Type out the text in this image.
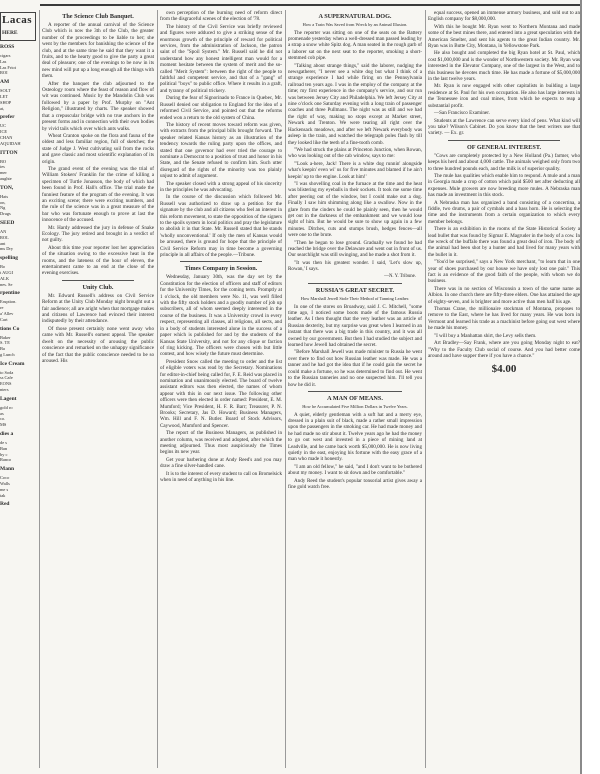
Lacas
HERE
ROSS
cigars
Las
Las Friot
ROI
AM
SOLT
LET
SHOP
at,
prefer
UC
ICE
CHAN
AQUIDAH
ITTON
BO
ies
mer
aughte
TON,
Hats
on,
Ng
Drugs
SEED
AN
ROL
ant
ms Dry
spelling
Bo
t AUGI
ALK
nes. Se
rpentine
Eruption.
re
a' Allev
Cart
tions Co
Baker
S. TE
Ba
g Lunch
Ice Cream
to Soda
ss Cafe
EONS
nters
Lagent
gold ro
as
co.
MS
dies a
de s
Ban
by c
Ranco
Mann
Coco
Walls
me s
tak
Red
The Science Club Banquet.

A reporter of the annual carnival of the Science Club which is now the 3th of the Club, the greater number of the proceedings to be liable to her; she went by the members for banishing the science of the club, and at the same time he said that they want it a fruits, and to the hearty good to give the party a great deal of pleasure; one of the evenings to be now in its new mind will put up a long enough all the things with them.

After the banquet the club adjourned to the Osteology room where the feast of reason and flow of wit was continued. Music by the Mandolin Club was followed by a paper by Prof. Murphy on "Ant Religion," illustrated by charts. The speaker showed that a crepuscular bridge with no true anchors in the present forms and in connection with their own bodies by vivid tails which over which ants walks.

Wheat Cranton spoke on the flora and fauna of the oldest and less familiar region, full of sketches; the state of Judge J. West cultivating soil from the rocks and gave classic and most scientific explanation of its origin.

The grand event of the evening was the trial of William Stokers' Franklin for the crime of killing a specimen of Turtle Jonasson, the body of which had been found in Prof. Hall's office. The trial made the funniest feature of the program of the evening. It was an exciting scene; there were exciting numbers, and the rule of the science was in a great measure of the bar who was fortunate enough to prove at last the innocence of the accused.

Mr. Hardy addressed the jury in defense of Snake Ecology. The jury retired and brought in a verdict of not guilty.

About this time your reporter lost her appreciation of the situation owing to the excessive heat in the rooms, and the lateness of the hour of eleven, the entertainment came to an end at the close of the evening exercises.

Unity Club.

Mr. Edward Russell's address on Civil Service Reform at the Unity Club Monday night brought out a fair audience; all are aright when that mortgage makes and citizens of Lawrence had evinced their interest indisputedly by their attendance.

Of those present certainly none went away who came with Mr. Russell's earnest appeal. The speaker dwelt on the necessity of arousing the public conscience and remarked on the unhappy significance of the fact that the public conscience needed to be so aroused. His

own perception of the burning need of reform direct from the disgraceful scenes of the election of '78.

The history of the Civil Service was briefly reviewed and figures were adduced to give a striking sense of the enormous growth of the principle of reward for political services, from the administration of Jackson, the patron saint of the "Spoil System." Mr. Russell said he did not understand how any honest intelligent man would for a moment hesitate between the system of merit and the so-called "Merit System": between the right of the people to faithful and competent service, and that of a "gang" of political "boys" to public office. Where it results in a graft, and tyranny of political trickery.

During the fear of Signorinado to France in Quebec, Mr. Russell denied our obligation to England for the idea of a reformed Civil Service, and pointed out that the reforms ended won a return to the old system of China.

The history of recent moves toward reform was given, with extracts from the principal bills brought forward. The speaker related Kansas history as an illustration of the tendency towards the ruling party upon the offices, and stated that one governor had ever tried the courage to nominate a Democrat to a position of trust and honor in his State, and the Senate refused to confirm him. Such utter disregard of the rights of the minority was too plainly unjust to admit of argument.

The speaker closed with a strong appeal of his sincerity in the principles he was advocating.

In the course of the discussion which followed Mr. Russell was authorized to draw up a petition for the signature by the club and all citizens who feel an interest in this reform movement, to state the opposition of the signers to the spoils system in local politics and pray the legislature to abolish it in that State. Mr. Russell stated that he stands 'wholly unconventional.' If only the men of Kansas would be aroused, there is ground for hope that the principle of Civil Service Reform may in time become a governing principle in all affairs of the people.—Tribune.

Times Company in Session.

Wednesday, January 30th, was the day set by the Constitution for the election of officers and staff of editors for the University Times, for the coming term. Promptly at 1 o'clock, the old members were No. 11, was well filled with the fifty stock holders and a goodly number of job up subscribers, all of whom seemed deeply interested in the course of the business. It was a University crowd in every respect, representing all classes, all religions, all sects, and in a body of students interested alone in the success of a paper which is published for and by the students of the Kansas State University, and not for any clique or faction of ring kicking. The officers were chosen with but little contest, and how wisely the future must determine.

President Snow called the meeting to order and the list of eligible voters was read by the Secretary. Nominations for editor-in-chief being called for, F. E. Reid was placed in nomination and unanimously elected. The board of twelve assistant editors was then elected, the names of whom appear with this in our next issue. The following other officers were then elected in order named: President, E. M. Mumford; Vice President, H. F. R. Barr; Treasurer, P. N. Brooks; Secretary, Jas D. Howard; Business Managers, Wm. Hill and F. N. Butler. Board of Stock Advisors, Caywood, Mumford and Spencer.

The report of the Business Managers, as published in another column, was received and adopted, after which the meeting adjourned. Thus most auspiciously the Times begins its new year.

Get your barbering done at Andy Reed's and you may draw a fine silver-handled cane.

It is to the interest of every student to call on Bromelsick when in need of anything in his line.

A SUPERNATURAL DOG.
How a Train Was Saved from Wreck by an Animal Illusion.

The reporter was sitting on one of the seats on the Battery promenade yesterday when a well-dressed man passed leading by a strap a snow white Spitz dog. A man seated in the rough garb of a laborer sat on the next seat to the reporter, smoking a short-stemmed cob pipe.

"Talking about strange things," said the laborer, nudging the newsgatherer, "I never see a white dog but what I think of a strange experience I had while firing on the Pennsylvania railroad ten years ago. I was in the employ of the company at the time; my first experience in the company's service, and our run was between Jersey City and Philadelphia. We left Jersey City at nine o'clock one Saturday evening with a long train of passenger coaches and three Pullmans. The night was as still and we had the right of way, making no stops except at Market street, Newark and Trenton. We were tearing all right over the Hackensack meadows, and after we left Newark everybody was asleep in the train, and watched the telegraph poles flash by till they looked like the teeth of a fine-tooth comb.

"We had struck the plains at Princeton Junction, when Rowan, who was looking out of the cab window, says to me:

"'Look a-here, Jack! There is a white dog runnin' alongside what's keepin' even wi' us for five minutes and blamed if he ain't keepin' up to the engine. Look at him!'

"I was shovelling coal in the furnace at the time and the heat was blistering my eyeballs in their sockets. It took me some time after peering out of the window, but I could make out a dog. Finally I saw him shimming along like a swallow. Now in the glare from the cinders he could be plainly seen, then he would get out in the darkness of the embankment and we would lose sight of him. But he would be sure to show up again in a few minutes. Ditches, cuts and stumps brush, hedges fences—all were one to the brute.

"Then he began to lose ground. Gradually we found he had reached the bridge over the Delaware and went out in front of us. Our searchlight was still swinging, and he made a shot from it.

"It was then his greatest wonder. I said, 'Let's slow up, Rowan,' I says.

—N. Y. Tribune.
RUSSIA'S GREAT SECRET.
How Marshall Jewell Stole Their Method of Tanning Leather.

In one of the stores on Broadway, said J. C. Mitchell, "some time ago, I noticed some boots made of the famous Russia leather. As I then thought that the very leather was an article of Russian dexterity, but my surprise was great when I learned in an instant that there was a big trade in this country, and it was all owned by our government. But then I had studied the subject and learned how Jewell had obtained the secret.

"Before Marshall Jewell was made minister to Russia he went over there to find out how Russian leather was made. He was a tanner and he had got the idea that if he could gain the secret he could make a fortune, so he was determined to find out. He went to the Russian tanneries and no one suspected him. I'll tell you how he did it.

A MAN OF MEANS.
How he Accumulated Five Million Dollars in Twelve Years.

A quiet, elderly gentleman with a soft hat and a merry eye, dressed in a plain suit of black, made a rather small impression upon the passengers in the smoking car. He had made money and he had made no stir about it. Twelve years ago he had the money to go out west and invested in a piece of mining land at Leadville, and he came back worth $5,000,000. He is now living quietly in the east, enjoying his fortune with the easy grace of a man who made it honestly.

"I am an old fellow," he said, "and I don't want to be bothered about my money. I want to sit down and be comfortable."

Andy Reed the student's popular tonsorial artist gives away a fine gold watch free.

equal success, opened an immense armory business, and sold out to an English company for $8,000,000.

With this he bought Mr. Ryan went to Northern Montana and made some of the best mines there, and entered into a great speculation with the American Smelter, and sent his agents to the great Indian country. Mr. Ryan was in Butte City, Montana, in Yellowstone Park.

He also bought and completed the big Ryan hotel at St. Paul, which cost $1,000,000 and is the wonder of Northwestern society. Mr. Ryan was interested in the Elevator Company, one of the largest in the West, and to this business he devotes much time. He has made a fortune of $5,000,000 in the last twelve years.

Mr. Ryan is now engaged with other capitalists in building a large residence at St. Paul for his own occupation. He also has large interests in the Tennessee iron and coal mines, from which he expects to reap a substantial profit.

—San Francisco Examiner.

Students at the Lawrence can serve every kind of pens. What kind will you take? Wilson's Cabinet. Do you know that the best writers use that variety. — Ex. gr.

OF GENERAL INTEREST.

"Cows are completely protected by a New Holland (Pa.) farmer, who keeps his herd and about 4,000 cattle. The animals weighed only from two to three hundred pounds each, and the milk is of superior quality.

The mule has qualities which enable him to respond. A mule and a man in Georgia made a crop of cotton which paid $500 net after deducting all expenses. Mule growers are now breeding more mules. A Nebraska man has made an investment in this stock.

A Nebraska man has organized a band consisting of a concertina, a fiddle, two drums, a pair of cymbals and a bass horn. He is selecting the time and the instruments from a certain organization to which every member belongs.

There is an exhibition in the rooms of the State Historical Society a lead bullet that was found by Sigmar E. Magruder in the body of a cow. In the wreck of the buffalo there was found a great deal of iron. The body of the animal had been shot by a hunter and had lived for many years with the bullet in it.

"You'd be surprised," says a New York merchant, "to learn that in one year of shoes purchased by our house we have only lost one pair." This fact is an evidence of the good faith of the people, with whom we do business.

There was in no section of Wisconsin a town of the same name as Albion. In one church there are fifty-three elders. One has attained the age of eighty-seven, and is brighter and more active than men half his age.

Thomas Crane, the millionaire stockman of Montana, proposes to remove to the East, where he has lived for many years. He was born in Vermont and learned his trade as a machinist before going out west where he made his money.

"I will buy a Manhattan shirt, the Levy sells them.

Art Bradley—Say Frank, where are you going Monday night to eat? "Why to the Faculty Club social of course. And you had better come around and have supper there if you have a chance."

$4.00
